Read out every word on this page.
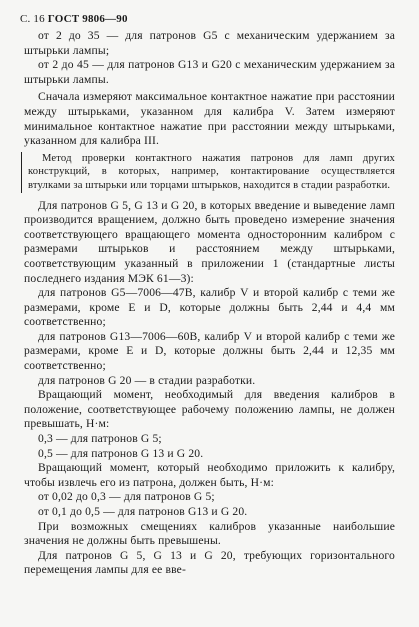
С. 16 ГОСТ 9806—90

от 2 до 35 — для патронов G5 с механическим удержанием за штырьки лампы;

от 2 до 45 — для патронов G13 и G20 с механическим удержанием за штырьки лампы.

Сначала измеряют максимальное контактное нажатие при расстоянии между штырьками, указанном для калибра V. Затем измеряют минимальное контактное нажатие при расстоянии между штырьками, указанном для калибра III.

Метод проверки контактного нажатия патронов для ламп других конструкций, в которых, например, контактирование осуществляется втулками за штырьки или торцами штырьков, находится в стадии разработки.

Для патронов G 5, G 13 и G 20, в которых введение и выведение ламп производится вращением, должно быть проведено измерение значения соответствующего вращающего момента односторонним калибром с размерами штырьков и расстоянием между штырьками, соответствующим указанный в приложении 1 (стандартные листы последнего издания МЭК 61—3):

для патронов G5—7006—47В, калибр V и второй калибр с теми же размерами, кроме E и D, которые должны быть 2,44 и 4,4 мм соответственно;

для патронов G13—7006—60В, калибр V и второй калибр с теми же размерами, кроме E и D, которые должны быть 2,44 и 12,35 мм соответственно;

для патронов G 20 — в стадии разработки.

Вращающий момент, необходимый для введения калибров в положение, соответствующее рабочему положению лампы, не должен превышать, Н·м:

0,3 — для патронов G 5;

0,5 — для патронов G 13 и G 20.

Вращающий момент, который необходимо приложить к калибру, чтобы извлечь его из патрона, должен быть, Н·м:

от 0,02 до 0,3 — для патронов G 5;

от 0,1 до 0,5 — для патронов G13 и G 20.

При возможных смещениях калибров указанные наибольшие значения не должны быть превышены.

Для патронов G 5, G 13 и G 20, требующих горизонтального перемещения лампы для ее вве-
